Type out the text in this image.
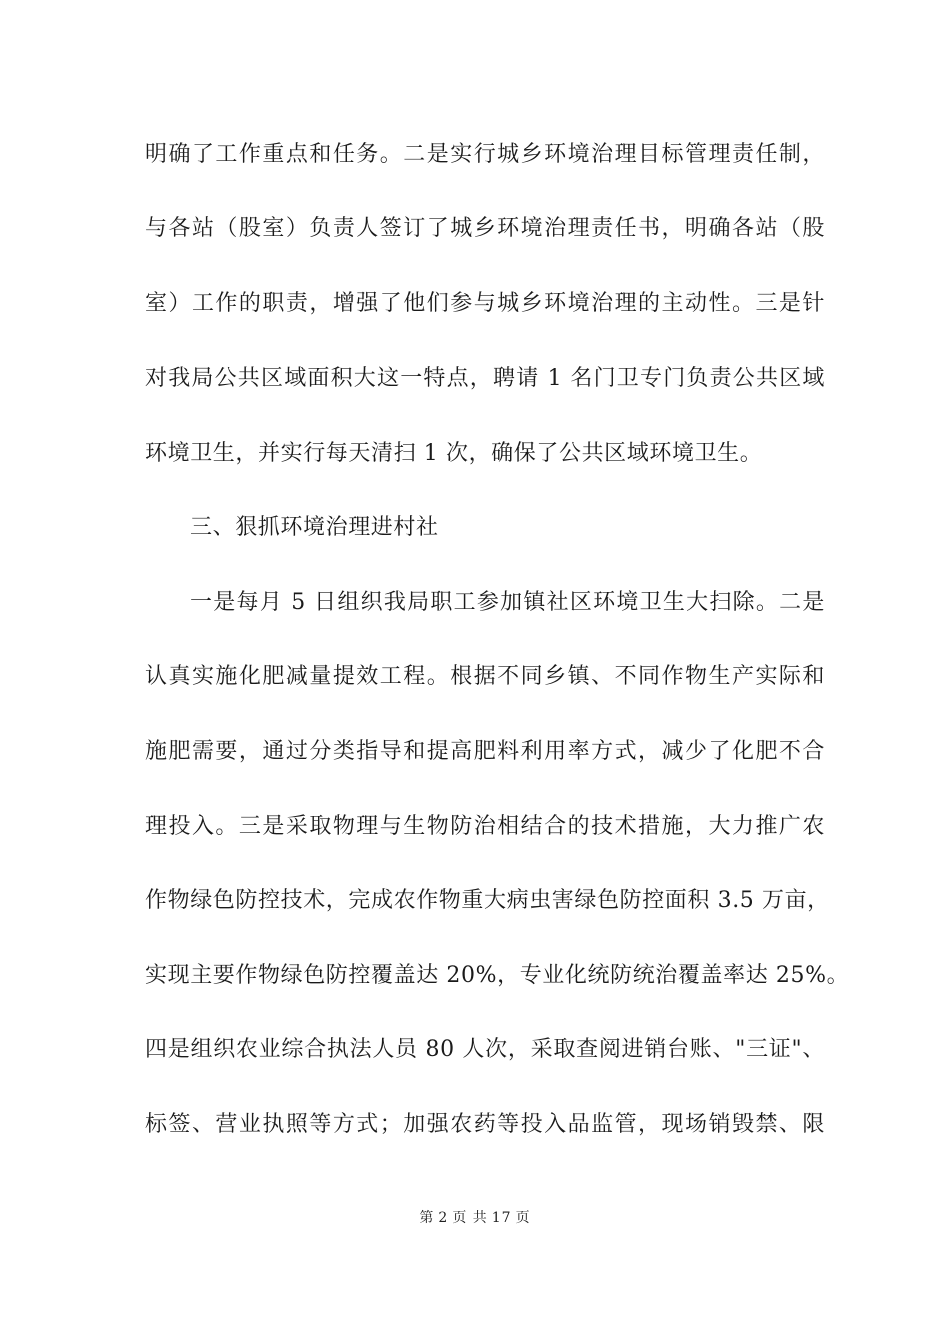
明确了工作重点和任务。二是实行城乡环境治理目标管理责任制，
与各站（股室）负责人签订了城乡环境治理责任书，明确各站（股
室）工作的职责，增强了他们参与城乡环境治理的主动性。三是针
对我局公共区域面积大这一特点，聘请 1 名门卫专门负责公共区域
环境卫生，并实行每天清扫 1 次，确保了公共区域环境卫生。
三、狠抓环境治理进村社
一是每月 5 日组织我局职工参加镇社区环境卫生大扫除。二是
认真实施化肥减量提效工程。根据不同乡镇、不同作物生产实际和
施肥需要，通过分类指导和提高肥料利用率方式，减少了化肥不合
理投入。三是采取物理与生物防治相结合的技术措施，大力推广农
作物绿色防控技术，完成农作物重大病虫害绿色防控面积 3.5 万亩，
实现主要作物绿色防控覆盖达 20%，专业化统防统治覆盖率达 25%。
四是组织农业综合执法人员 80 人次，采取查阅进销台账、"三证"、
标签、营业执照等方式；加强农药等投入品监管，现场销毁禁、限
第 2 页 共 17 页
